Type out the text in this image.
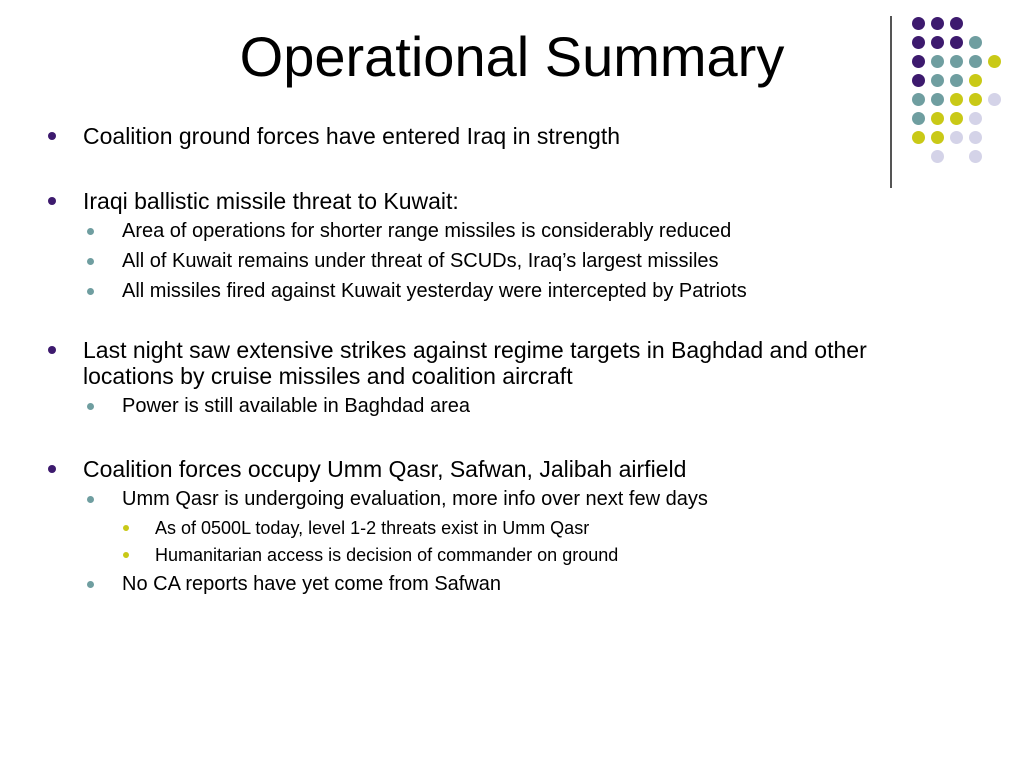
Operational Summary
Coalition ground forces have entered Iraq in strength
Iraqi ballistic missile threat to Kuwait:
Area of operations for shorter range missiles is considerably reduced
All of Kuwait remains under threat of SCUDs, Iraq’s largest missiles
All missiles fired against Kuwait yesterday were intercepted by Patriots
Last night saw extensive strikes against regime targets in Baghdad and other
locations by cruise missiles and coalition aircraft
Power is still available in Baghdad area
Coalition forces occupy Umm Qasr, Safwan, Jalibah airfield
Umm Qasr is undergoing evaluation, more info over next few days
As of 0500L today, level 1-2 threats exist in Umm Qasr
Humanitarian access is decision of commander on ground
No CA reports have yet come from Safwan
